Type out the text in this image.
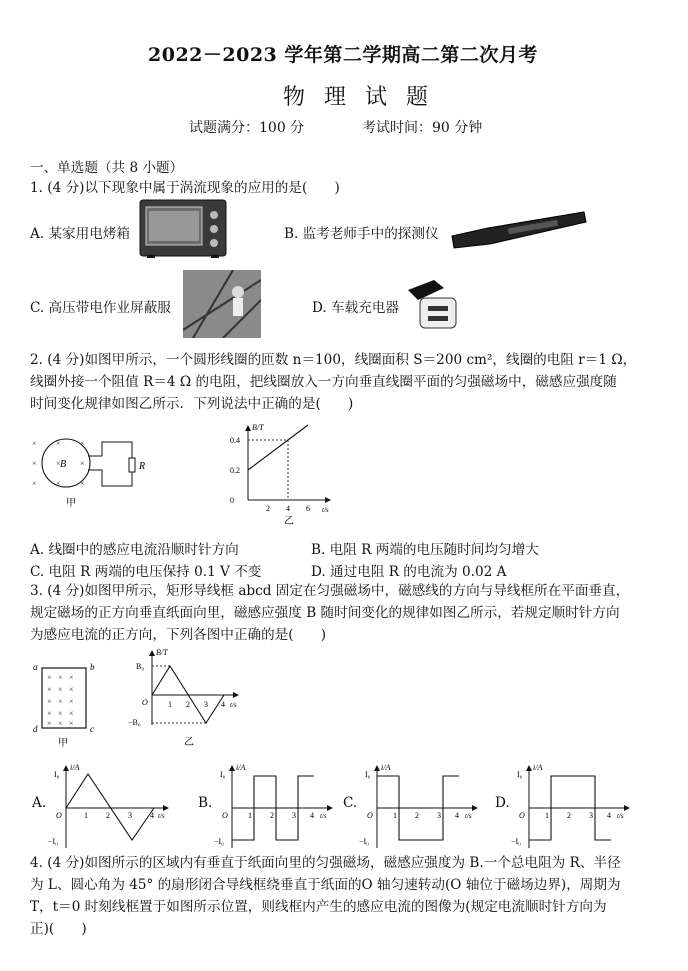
2022－2023 学年第二学期高二第二次月考
物 理 试 题
试题满分：100 分	考试时间：90 分钟
一、单选题（共 8 小题）
1. (4 分)以下现象中属于涡流现象的应用的是(　　)
A. 某家用电烤箱	B. 监考老师手中的探测仪
C. 高压带电作业屏蔽服	D. 车载充电器
2. (4 分)如图甲所示，一个圆形线圈的匝数 n＝100，线圈面积 S＝200 cm²，线圈的电阻 r＝1 Ω，
线圈外接一个阻值 R＝4 Ω 的电阻，把线圈放入一方向垂直线圈平面的匀强磁场中，磁感应强度随
时间变化规律如图乙所示．下列说法中正确的是(　　)
× × ×
× × ×
× × ×
B	R
甲
B/T
t/s
0.4
0.2
0
2 4 6
乙
A. 线圈中的感应电流沿顺时针方向	B. 电阻 R 两端的电压随时间均匀增大
C. 电阻 R 两端的电压保持 0.1 V 不变	D. 通过电阻 R 的电流为 0.02 A
3. (4 分)如图甲所示，矩形导线框 abcd 固定在匀强磁场中，磁感线的方向与导线框所在平面垂直，
规定磁场的正方向垂直纸面向里，磁感应强度 B 随时间变化的规律如图乙所示，若规定顺时针方向
为感应电流的正方向，下列各图中正确的是(　　)
× × ×
× × ×
× × ×
× × ×
× × ×
a	b
c
d
甲
B/T
B₀
−B₀
O	t/s
1 2 3 4
乙
A.
i/A
I₀
−I₀
O	1 2 3 4 t/s
B.
i/A
I₀
−I₀
O	1 2 3 4 t/s
C.
i/A
I₀
−I₀
O	1 2 3 4 t/s
D.
i/A
I₀
−I₀
O	1 2 3 4 t/s
4. (4 分)如图所示的区域内有垂直于纸面向里的匀强磁场，磁感应强度为 B.一个总电阻为 R、半径
为 L、圆心角为 45° 的扇形闭合导线框绕垂直于纸面的O 轴匀速转动(O 轴位于磁场边界)，周期为
T，t＝0 时刻线框置于如图所示位置，则线框内产生的感应电流的图像为(规定电流顺时针方向为
正)(　　)
